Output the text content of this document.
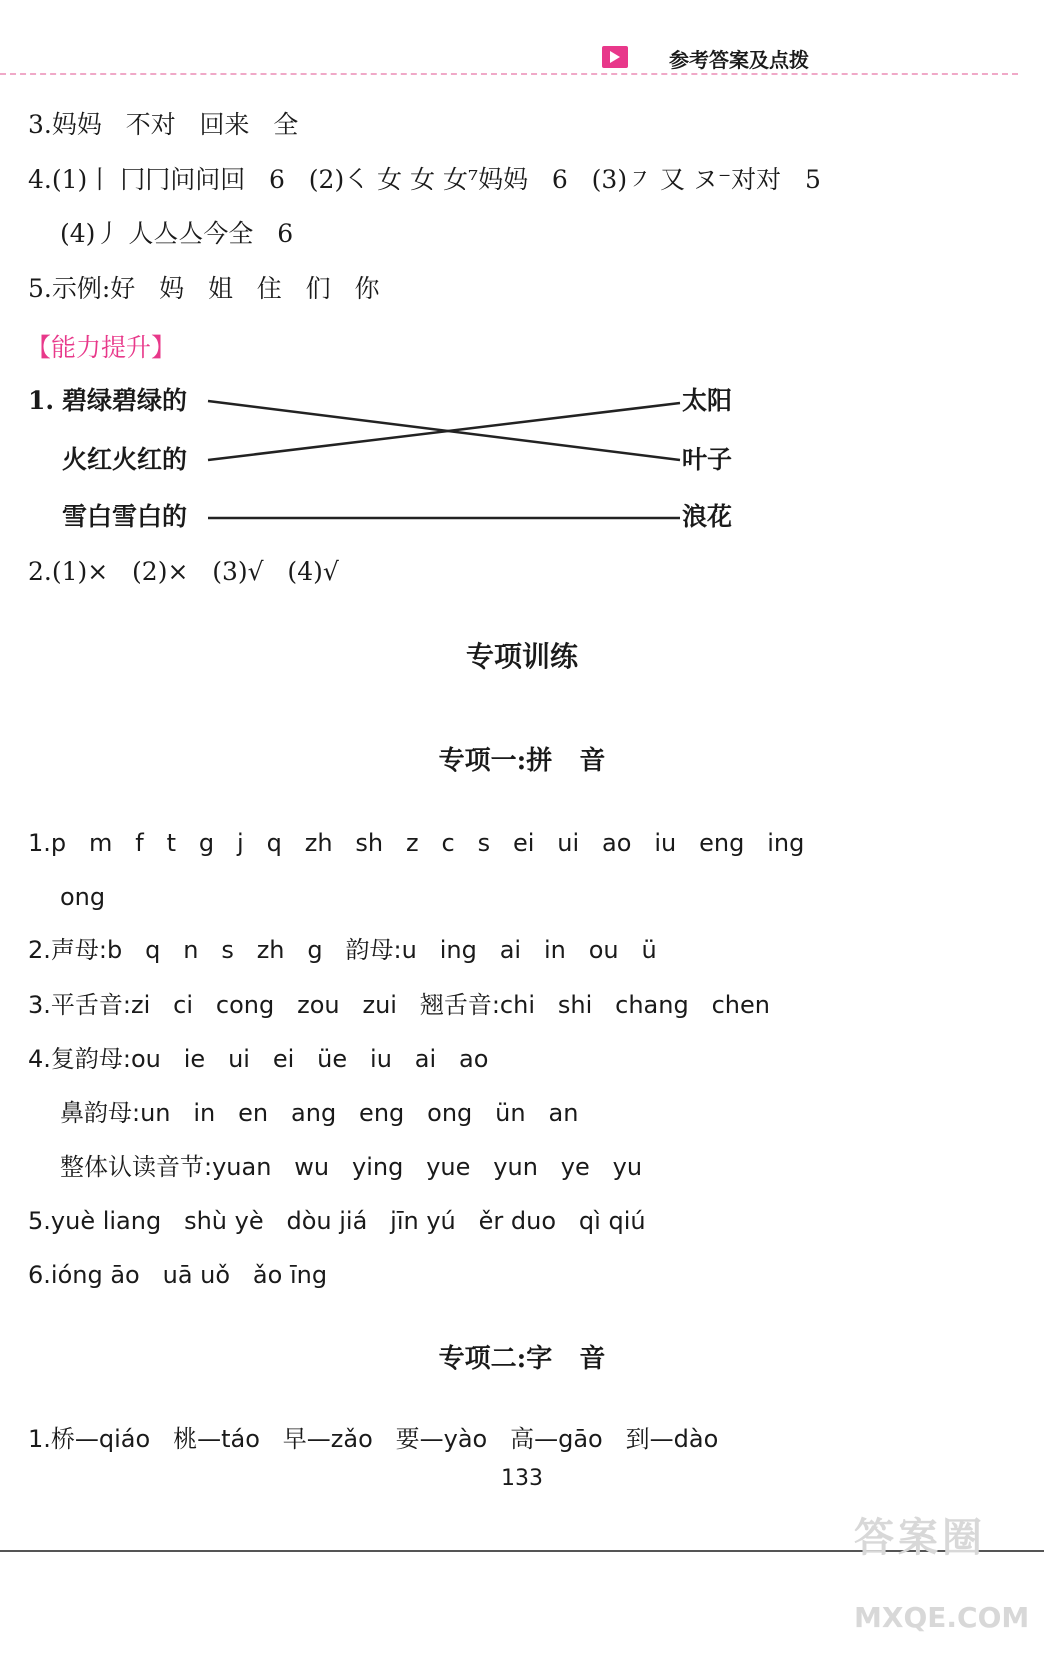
参考答案及点拨
3.妈妈   不对   回来   全
4.(1)丨 冂冂问问回   6   (2)㇛ 女 女 女⁷妈妈   6   (3)㇇ 又 ヌ⁻对对   5
(4)丿 人亼亼今全   6
5.示例:好   妈   姐   住   们   你
【能力提升】
1. 碧绿碧绿的
火红火红的
雪白雪白的
太阳
叶子
浪花
2.(1)×   (2)×   (3)√   (4)√
专项训练
专项一:拼   音
1.p   m   f   t   g   j   q   zh   sh   z   c   s   ei   ui   ao   iu   eng   ing
ong
2.声母:b   q   n   s   zh   g   韵母:u   ing   ai   in   ou   ü
3.平舌音:zi   ci   cong   zou   zui   翘舌音:chi   shi   chang   chen
4.复韵母:ou   ie   ui   ei   üe   iu   ai   ao
鼻韵母:un   in   en   ang   eng   ong   ün   an
整体认读音节:yuan   wu   ying   yue   yun   ye   yu
5.yuè liang   shù yè   dòu jiá   jīn yú   ěr duo   qì qiú
6.ióng āo   uā uǒ   ǎo īng
专项二:字   音
1.桥—qiáo   桃—táo   早—zǎo   要—yào   高—gāo   到—dào
133

答案圈

MXQE.COM
